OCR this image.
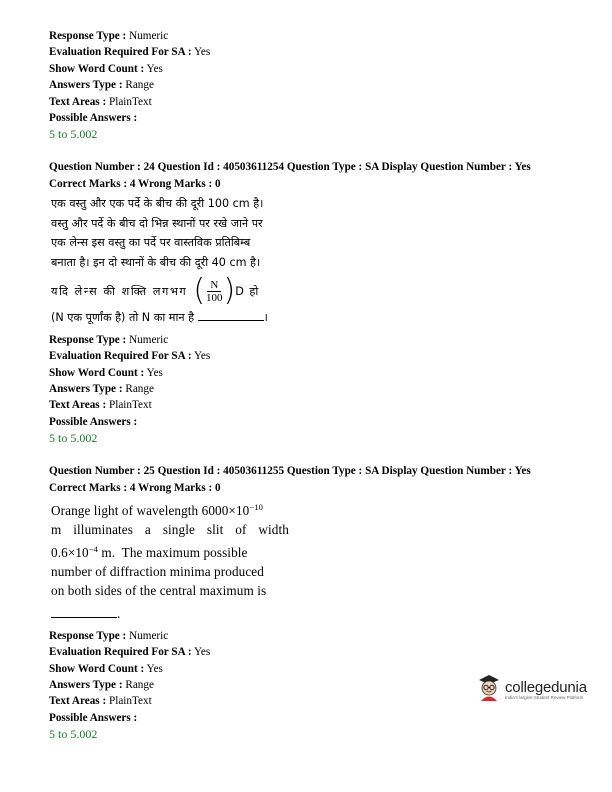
Response Type : Numeric
Evaluation Required For SA : Yes
Show Word Count : Yes
Answers Type : Range
Text Areas : PlainText
Possible Answers :
5 to 5.002
Question Number : 24 Question Id : 40503611254 Question Type : SA Display Question Number : Yes
Correct Marks : 4 Wrong Marks : 0
एक वस्तु और एक पर्दे के बीच की दूरी 100 cm है।
वस्तु और पर्दे के बीच दो भिन्न स्थानों पर रखे जाने पर
एक लेन्स इस वस्तु का पर्दे पर वास्तविक प्रतिबिम्ब
बनाता है। इन दो स्थानों के बीच की दूरी 40 cm है।
यदि लेन्स की शक्ति लगभग ( $\frac{N}{100}$ ) D हो
(N एक पूर्णांक है) तो N का मान है	।
Response Type : Numeric
Evaluation Required For SA : Yes
Show Word Count : Yes
Answers Type : Range
Text Areas : PlainText
Possible Answers :
5 to 5.002
Question Number : 25 Question Id : 40503611255 Question Type : SA Display Question Number : Yes
Correct Marks : 4 Wrong Marks : 0
Orange light of wavelength $6000\times 10^{-10}$
m illuminates a single slit of width
$0.6\times 10^{-4}$ m.  The maximum possible
number of diffraction minima produced
on both sides of the central maximum is
.
Response Type : Numeric
Evaluation Required For SA : Yes
Show Word Count : Yes
Answers Type : Range
Text Areas : PlainText
Possible Answers :
5 to 5.002
collegedunia
India's largest Student Review Platform
